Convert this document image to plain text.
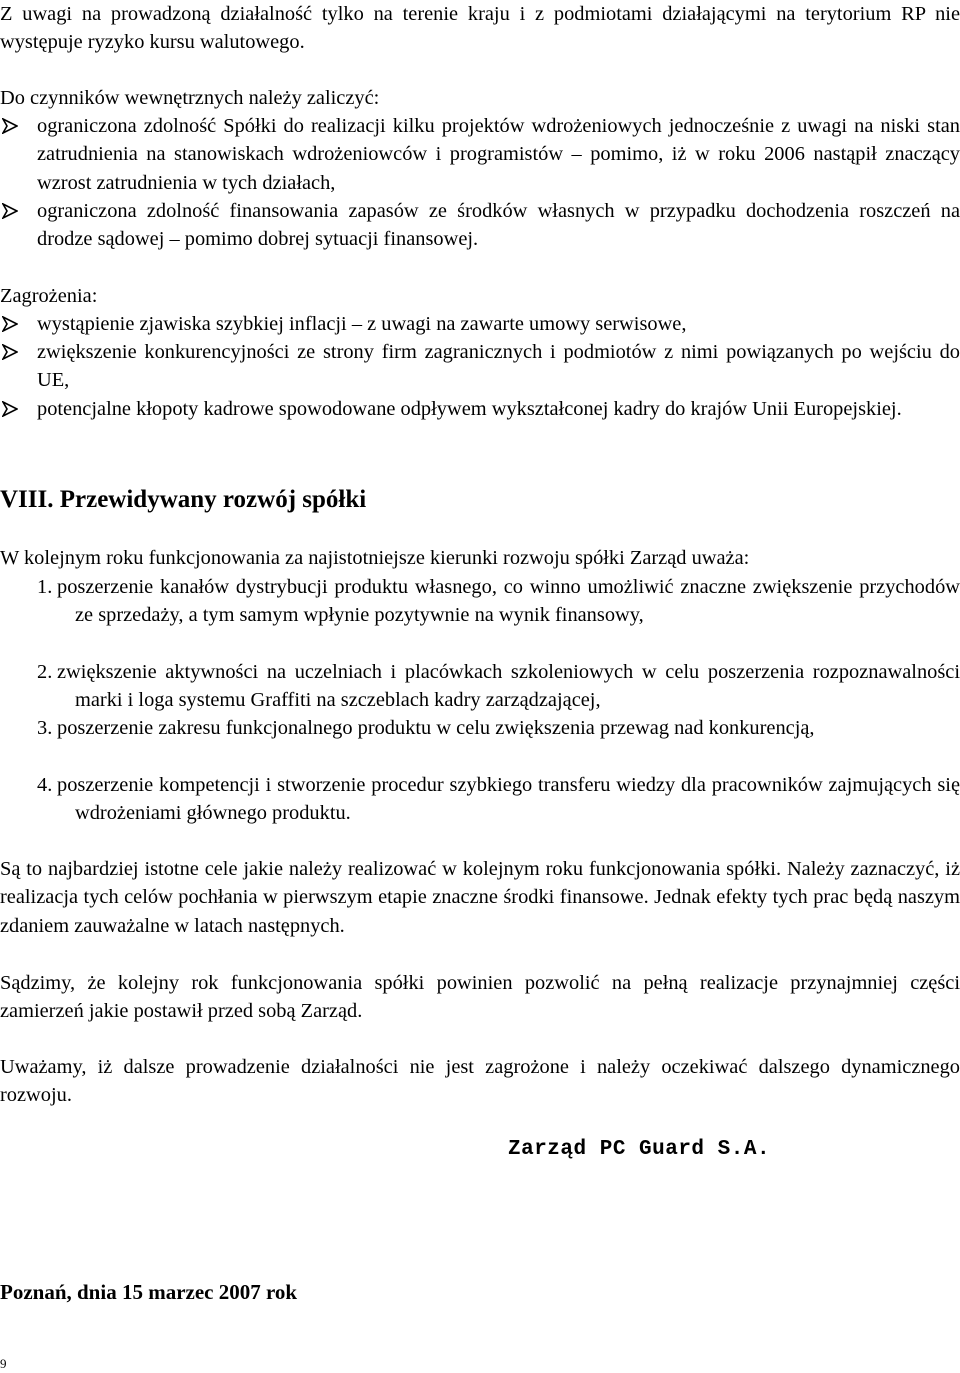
Z uwagi na prowadzoną działalność tylko na terenie kraju i z podmiotami działającymi na terytorium RP nie występuje ryzyko kursu walutowego.

Do czynników wewnętrznych należy zaliczyć:

ograniczona zdolność Spółki do realizacji kilku projektów wdrożeniowych jednocześnie z uwagi na niski stan zatrudnienia na stanowiskach wdrożeniowców i programistów – pomimo, iż w roku 2006 nastąpił znaczący wzrost zatrudnienia w tych działach,
ograniczona zdolność finansowania zapasów ze środków własnych w przypadku dochodzenia roszczeń na drodze sądowej – pomimo dobrej sytuacji finansowej.

Zagrożenia:

wystąpienie zjawiska szybkiej inflacji – z uwagi na zawarte umowy serwisowe,
zwiększenie konkurencyjności ze strony firm zagranicznych i podmiotów z nimi powiązanych po wejściu do UE,
potencjalne kłopoty kadrowe spowodowane odpływem wykształconej kadry do krajów Unii Europejskiej.
VIII. Przewidywany rozwój spółki

W kolejnym roku funkcjonowania za najistotniejsze kierunki rozwoju spółki Zarząd uważa:

1. poszerzenie kanałów dystrybucji produktu własnego, co winno umożliwić znaczne zwiększenie przychodów ze sprzedaży, a tym samym wpłynie pozytywnie na wynik finansowy,
2. zwiększenie aktywności na uczelniach i placówkach szkoleniowych w celu poszerzenia rozpoznawalności marki i loga systemu Graffiti na szczeblach kadry zarządzającej,
3. poszerzenie zakresu funkcjonalnego produktu w celu zwiększenia przewag nad konkurencją,
4. poszerzenie kompetencji i stworzenie procedur szybkiego transferu wiedzy dla pracowników zajmujących się wdrożeniami głównego produktu.

Są to najbardziej istotne cele jakie należy realizować w kolejnym roku funkcjonowania spółki. Należy zaznaczyć, iż realizacja tych celów pochłania w pierwszym etapie znaczne środki finansowe. Jednak efekty tych prac będą naszym zdaniem zauważalne w latach następnych.

Sądzimy, że kolejny rok funkcjonowania spółki powinien pozwolić na pełną realizacje przynajmniej części zamierzeń jakie postawił przed sobą Zarząd.

Uważamy, iż dalsze prowadzenie działalności nie jest zagrożone i należy oczekiwać dalszego dynamicznego rozwoju.

Zarząd PC Guard S.A.
Poznań, dnia 15 marzec 2007 rok
9
